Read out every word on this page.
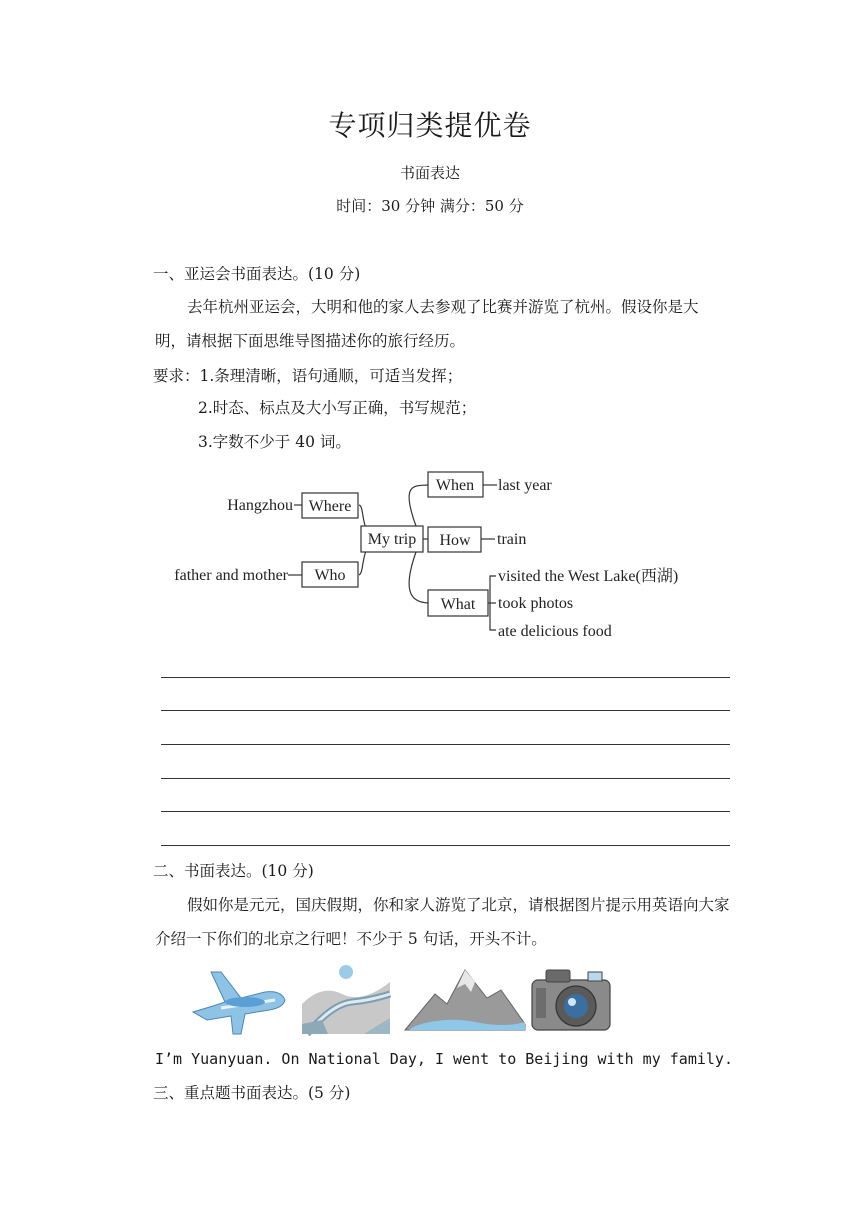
专项归类提优卷
书面表达
时间：30 分钟 满分：50 分
一、亚运会书面表达。(10 分)
去年杭州亚运会，大明和他的家人去参观了比赛并游览了杭州。假设你是大明，请根据下面思维导图描述你的旅行经历。
要求：1.条理清晰，语句通顺，可适当发挥；
2.时态、标点及大小写正确，书写规范；
3.字数不少于 40 词。
My trip
Where
Who
When
How
What
Hangzhou
father and mother
last year
train
visited the West Lake(西湖)
took photos
ate delicious food
二、书面表达。(10 分)
假如你是元元，国庆假期，你和家人游览了北京，请根据图片提示用英语向大家介绍一下你们的北京之行吧！不少于 5 句话，开头不计。
I’m Yuanyuan. On National Day, I went to Beijing with my family.
三、重点题书面表达。(5 分)
